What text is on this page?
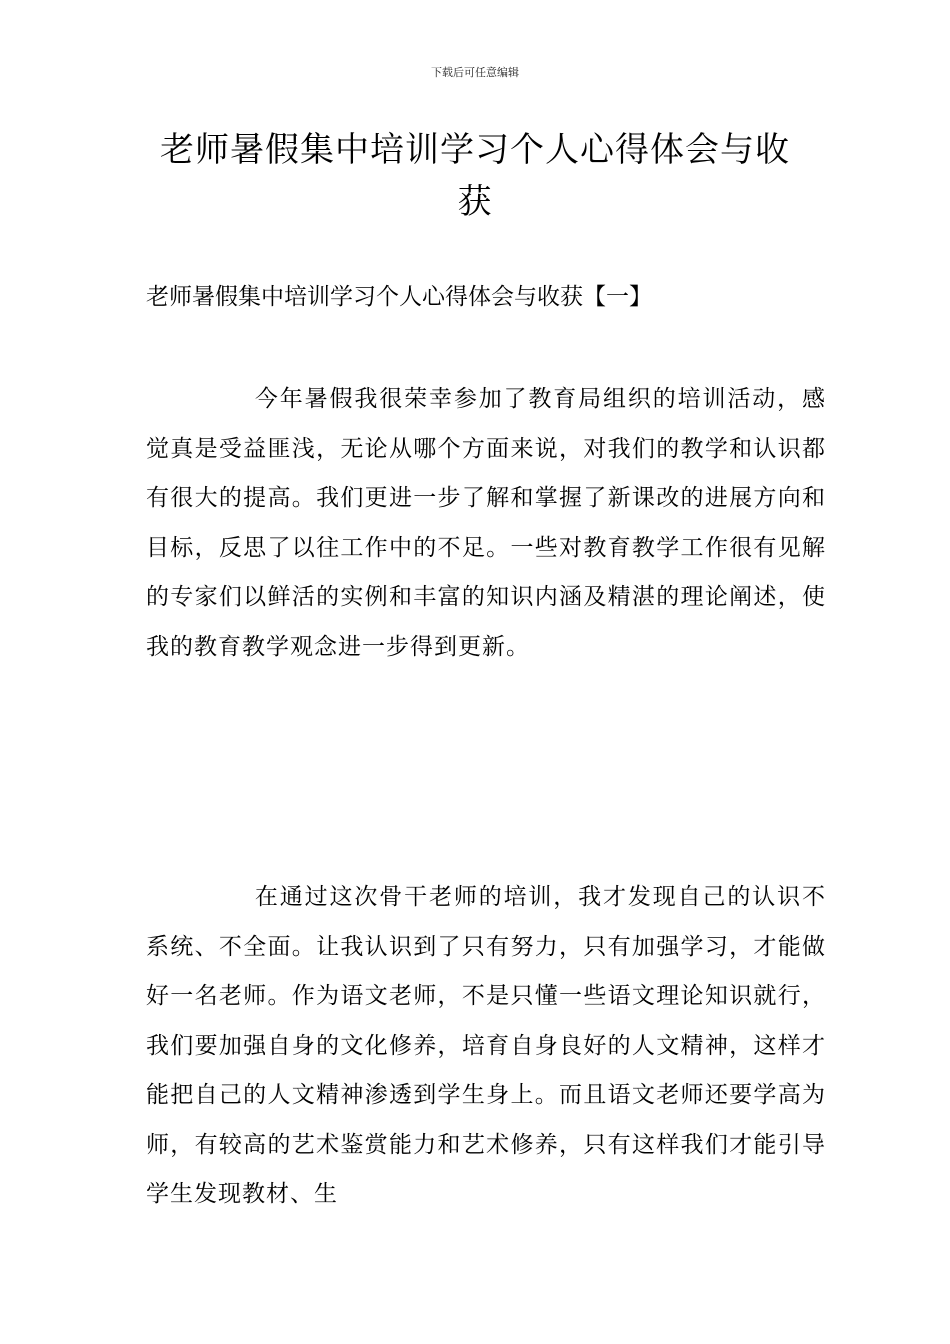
下载后可任意编辑
老师暑假集中培训学习个人心得体会与收获
老师暑假集中培训学习个人心得体会与收获【一】

今年暑假我很荣幸参加了教育局组织的培训活动，感觉真是受益匪浅，无论从哪个方面来说，对我们的教学和认识都有很大的提高。我们更进一步了解和掌握了新课改的进展方向和目标，反思了以往工作中的不足。一些对教育教学工作很有见解的专家们以鲜活的实例和丰富的知识内涵及精湛的理论阐述，使我的教育教学观念进一步得到更新。

在通过这次骨干老师的培训，我才发现自己的认识不系统、不全面。让我认识到了只有努力，只有加强学习，才能做好一名老师。作为语文老师，不是只懂一些语文理论知识就行，我们要加强自身的文化修养，培育自身良好的人文精神，这样才能把自己的人文精神渗透到学生身上。而且语文老师还要学高为师，有较高的艺术鉴赏能力和艺术修养，只有这样我们才能引导学生发现教材、生
